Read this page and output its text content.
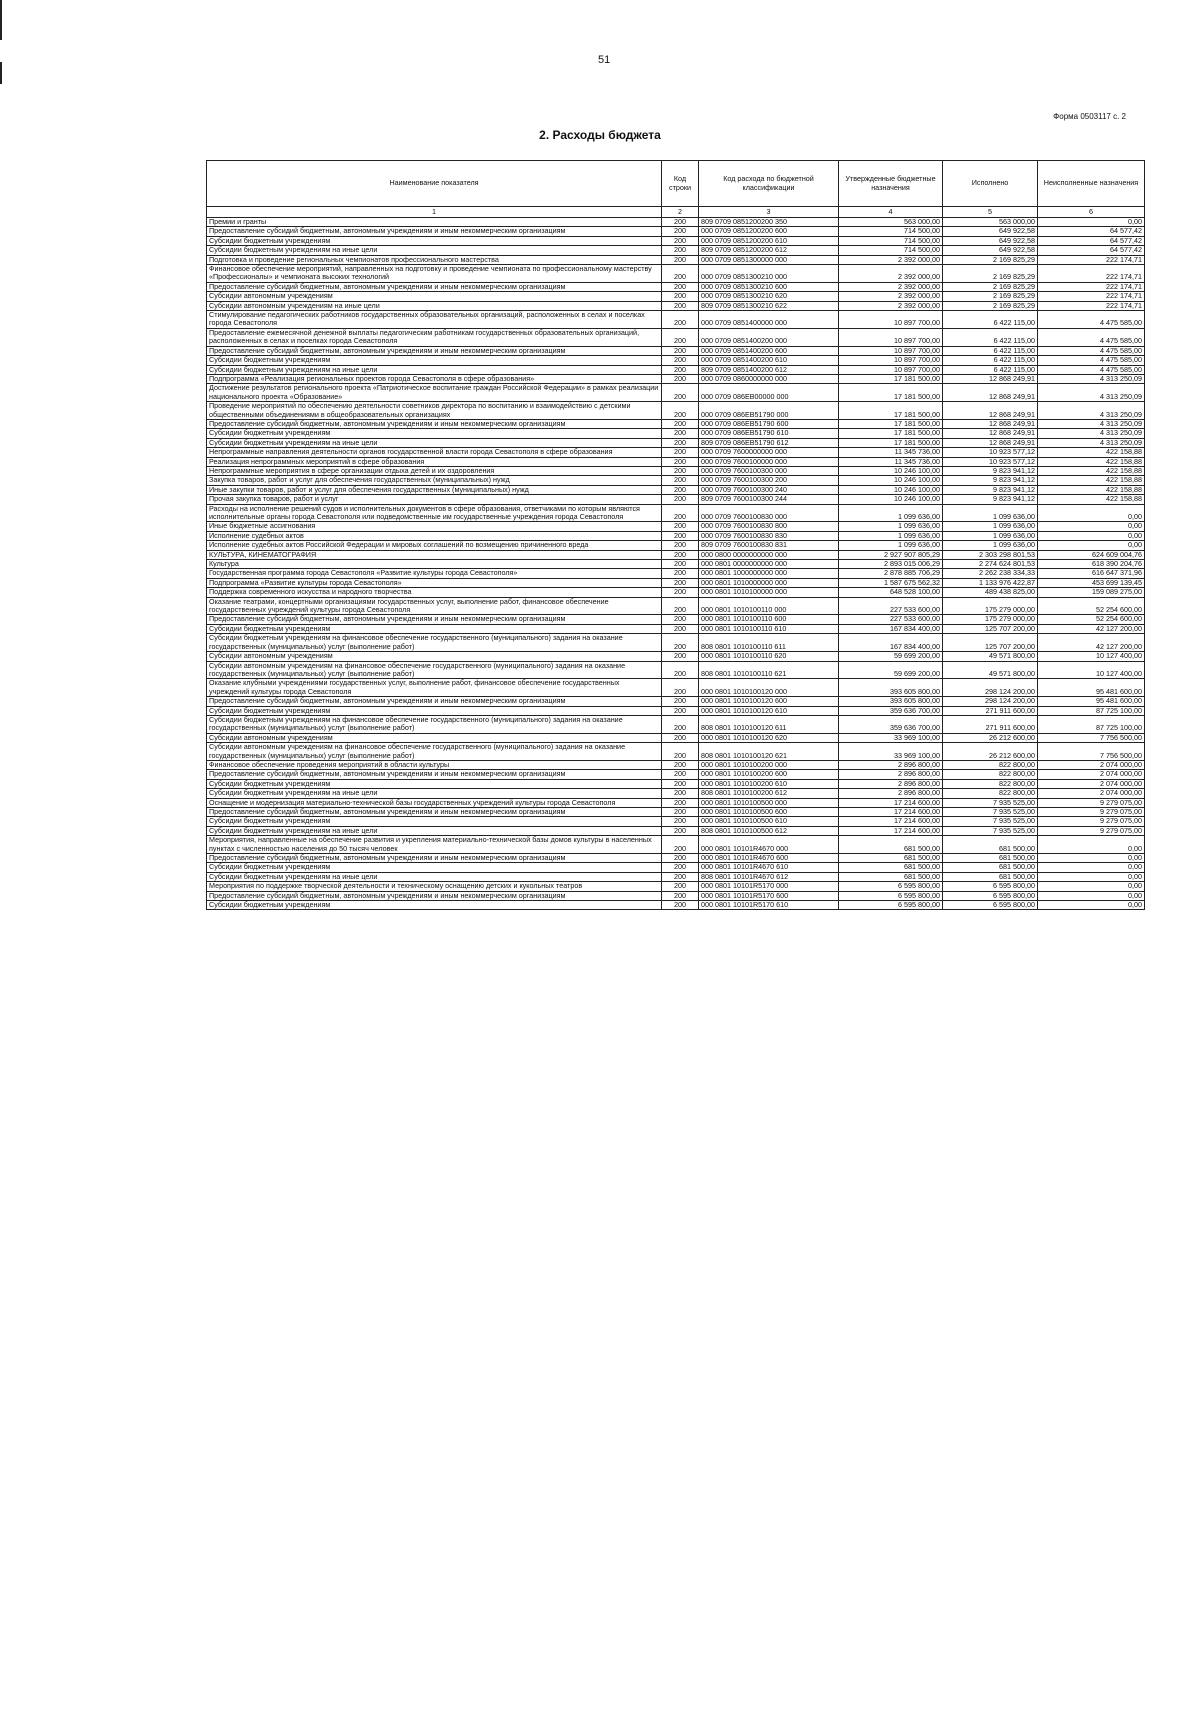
51
Форма 0503117 с. 2
2. Расходы бюджета
Наименование показателя	Код строки	Код расхода по бюджетной классификации	Утвержденные бюджетные назначения	Исполнено	Неисполненные назначения
1	2	3	4	5	6
Премии и гранты	200	809 0709 0851200200 350	563 000,00	563 000,00	0,00
Предоставление субсидий бюджетным, автономным учреждениям и иным некоммерческим организациям	200	000 0709 0851200200 600	714 500,00	649 922,58	64 577,42
Субсидии бюджетным учреждениям	200	000 0709 0851200200 610	714 500,00	649 922,58	64 577,42
Субсидии бюджетным учреждениям на иные цели	200	809 0709 0851200200 612	714 500,00	649 922,58	64 577,42
Подготовка и проведение региональных чемпионатов профессионального мастерства	200	000 0709 0851300000 000	2 392 000,00	2 169 825,29	222 174,71
Финансовое обеспечение мероприятий, направленных на подготовку и проведение чемпионата по профессиональному мастерству «Профессионалы» и чемпионата высоких технологий	200	000 0709 0851300210 000	2 392 000,00	2 169 825,29	222 174,71
Предоставление субсидий бюджетным, автономным учреждениям и иным некоммерческим организациям	200	000 0709 0851300210 600	2 392 000,00	2 169 825,29	222 174,71
Субсидии автономным учреждениям	200	000 0709 0851300210 620	2 392 000,00	2 169 825,29	222 174,71
Субсидии автономным учреждениям на иные цели	200	809 0709 0851300210 622	2 392 000,00	2 169 825,29	222 174,71
Стимулирование педагогических работников государственных образовательных организаций, расположенных в селах и поселках города Севастополя	200	000 0709 0851400000 000	10 897 700,00	6 422 115,00	4 475 585,00
Предоставление ежемесячной денежной выплаты педагогическим работникам государственных образовательных организаций, расположенных в селах и поселках города Севастополя	200	000 0709 0851400200 000	10 897 700,00	6 422 115,00	4 475 585,00
Предоставление субсидий бюджетным, автономным учреждениям и иным некоммерческим организациям	200	000 0709 0851400200 600	10 897 700,00	6 422 115,00	4 475 585,00
Субсидии бюджетным учреждениям	200	000 0709 0851400200 610	10 897 700,00	6 422 115,00	4 475 585,00
Субсидии бюджетным учреждениям на иные цели	200	809 0709 0851400200 612	10 897 700,00	6 422 115,00	4 475 585,00
Подпрограмма «Реализация региональных проектов города Севастополя в сфере образования»	200	000 0709 0860000000 000	17 181 500,00	12 868 249,91	4 313 250,09
Достижение результатов регионального проекта «Патриотическое воспитание граждан Российской Федерации» в рамках реализации национального проекта «Образование»	200	000 0709 086EB00000 000	17 181 500,00	12 868 249,91	4 313 250,09
Проведение мероприятий по обеспечению деятельности советников директора по воспитанию и взаимодействию с детскими общественными объединениями в общеобразовательных организациях	200	000 0709 086EB51790 000	17 181 500,00	12 868 249,91	4 313 250,09
Предоставление субсидий бюджетным, автономным учреждениям и иным некоммерческим организациям	200	000 0709 086EB51790 600	17 181 500,00	12 868 249,91	4 313 250,09
Субсидии бюджетным учреждениям	200	000 0709 086EB51790 610	17 181 500,00	12 868 249,91	4 313 250,09
Субсидии бюджетным учреждениям на иные цели	200	809 0709 086EB51790 612	17 181 500,00	12 868 249,91	4 313 250,09
Непрограммные направления деятельности органов государственной власти города Севастополя в сфере образования	200	000 0709 7600000000 000	11 345 736,00	10 923 577,12	422 158,88
Реализация непрограммных мероприятий в сфере образования	200	000 0709 7600100000 000	11 345 736,00	10 923 577,12	422 158,88
Непрограммные мероприятия в сфере организации отдыха детей и их оздоровления	200	000 0709 7600100300 000	10 246 100,00	9 823 941,12	422 158,88
Закупка товаров, работ и услуг для обеспечения государственных (муниципальных) нужд	200	000 0709 7600100300 200	10 246 100,00	9 823 941,12	422 158,88
Иные закупки товаров, работ и услуг для обеспечения государственных (муниципальных) нужд	200	000 0709 7600100300 240	10 246 100,00	9 823 941,12	422 158,88
Прочая закупка товаров, работ и услуг	200	809 0709 7600100300 244	10 246 100,00	9 823 941,12	422 158,88
Расходы на исполнение решений судов и исполнительных документов в сфере образования, ответчиками по которым являются исполнительные органы города Севастополя или подведомственные им государственные учреждения города Севастополя	200	000 0709 7600100830 000	1 099 636,00	1 099 636,00	0,00
Иные бюджетные ассигнования	200	000 0709 7600100830 800	1 099 636,00	1 099 636,00	0,00
Исполнение судебных актов	200	000 0709 7600100830 830	1 099 636,00	1 099 636,00	0,00
Исполнение судебных актов Российской Федерации и мировых соглашений по возмещению причиненного вреда	200	809 0709 7600100830 831	1 099 636,00	1 099 636,00	0,00
КУЛЬТУРА, КИНЕМАТОГРАФИЯ	200	000 0800 0000000000 000	2 927 907 805,29	2 303 298 801,53	624 609 004,76
Культура	200	000 0801 0000000000 000	2 893 015 006,29	2 274 624 801,53	618 390 204,76
Государственная программа города Севастополя «Развитие культуры города Севастополя»	200	000 0801 1000000000 000	2 878 885 706,29	2 262 238 334,33	616 647 371,96
Подпрограмма «Развитие культуры города Севастополя»	200	000 0801 1010000000 000	1 587 675 562,32	1 133 976 422,87	453 699 139,45
Поддержка современного искусства и народного творчества	200	000 0801 1010100000 000	648 528 100,00	489 438 825,00	159 089 275,00
Оказание театрами, концертными организациями государственных услуг, выполнение работ, финансовое обеспечение государственных учреждений культуры города Севастополя	200	000 0801 1010100110 000	227 533 600,00	175 279 000,00	52 254 600,00
Предоставление субсидий бюджетным, автономным учреждениям и иным некоммерческим организациям	200	000 0801 1010100110 600	227 533 600,00	175 279 000,00	52 254 600,00
Субсидии бюджетным учреждениям	200	000 0801 1010100110 610	167 834 400,00	125 707 200,00	42 127 200,00
Субсидии бюджетным учреждениям на финансовое обеспечение государственного (муниципального) задания на оказание государственных (муниципальных) услуг (выполнение работ)	200	808 0801 1010100110 611	167 834 400,00	125 707 200,00	42 127 200,00
Субсидии автономным учреждениям	200	000 0801 1010100110 620	59 699 200,00	49 571 800,00	10 127 400,00
Субсидии автономным учреждениям на финансовое обеспечение государственного (муниципального) задания на оказание государственных (муниципальных) услуг (выполнение работ)	200	808 0801 1010100110 621	59 699 200,00	49 571 800,00	10 127 400,00
Оказание клубными учреждениями государственных услуг, выполнение работ, финансовое обеспечение государственных учреждений культуры города Севастополя	200	000 0801 1010100120 000	393 605 800,00	298 124 200,00	95 481 600,00
Предоставление субсидий бюджетным, автономным учреждениям и иным некоммерческим организациям	200	000 0801 1010100120 600	393 605 800,00	298 124 200,00	95 481 600,00
Субсидии бюджетным учреждениям	200	000 0801 1010100120 610	359 636 700,00	271 911 600,00	87 725 100,00
Субсидии бюджетным учреждениям на финансовое обеспечение государственного (муниципального) задания на оказание государственных (муниципальных) услуг (выполнение работ)	200	808 0801 1010100120 611	359 636 700,00	271 911 600,00	87 725 100,00
Субсидии автономным учреждениям	200	000 0801 1010100120 620	33 969 100,00	26 212 600,00	7 756 500,00
Субсидии автономным учреждениям на финансовое обеспечение государственного (муниципального) задания на оказание государственных (муниципальных) услуг (выполнение работ)	200	808 0801 1010100120 621	33 969 100,00	26 212 600,00	7 756 500,00
Финансовое обеспечение проведения мероприятий в области культуры	200	000 0801 1010100200 000	2 896 800,00	822 800,00	2 074 000,00
Предоставление субсидий бюджетным, автономным учреждениям и иным некоммерческим организациям	200	000 0801 1010100200 600	2 896 800,00	822 800,00	2 074 000,00
Субсидии бюджетным учреждениям	200	000 0801 1010100200 610	2 896 800,00	822 800,00	2 074 000,00
Субсидии бюджетным учреждениям на иные цели	200	808 0801 1010100200 612	2 896 800,00	822 800,00	2 074 000,00
Оснащение и модернизация материально-технической базы государственных учреждений культуры города Севастополя	200	000 0801 1010100500 000	17 214 600,00	7 935 525,00	9 279 075,00
Предоставление субсидий бюджетным, автономным учреждениям и иным некоммерческим организациям	200	000 0801 1010100500 600	17 214 600,00	7 935 525,00	9 279 075,00
Субсидии бюджетным учреждениям	200	000 0801 1010100500 610	17 214 600,00	7 935 525,00	9 279 075,00
Субсидии бюджетным учреждениям на иные цели	200	808 0801 1010100500 612	17 214 600,00	7 935 525,00	9 279 075,00
Мероприятия, направленные на обеспечение развития и укрепления материально-технической базы домов культуры в населенных пунктах с численностью населения до 50 тысяч человек	200	000 0801 10101R4670 000	681 500,00	681 500,00	0,00
Предоставление субсидий бюджетным, автономным учреждениям и иным некоммерческим организациям	200	000 0801 10101R4670 600	681 500,00	681 500,00	0,00
Субсидии бюджетным учреждениям	200	000 0801 10101R4670 610	681 500,00	681 500,00	0,00
Субсидии бюджетным учреждениям на иные цели	200	808 0801 10101R4670 612	681 500,00	681 500,00	0,00
Мероприятия по поддержке творческой деятельности и техническому оснащению детских и кукольных театров	200	000 0801 10101R5170 000	6 595 800,00	6 595 800,00	0,00
Предоставление субсидий бюджетным, автономным учреждениям и иным некоммерческим организациям	200	000 0801 10101R5170 600	6 595 800,00	6 595 800,00	0,00
Субсидии бюджетным учреждениям	200	000 0801 10101R5170 610	6 595 800,00	6 595 800,00	0,00
